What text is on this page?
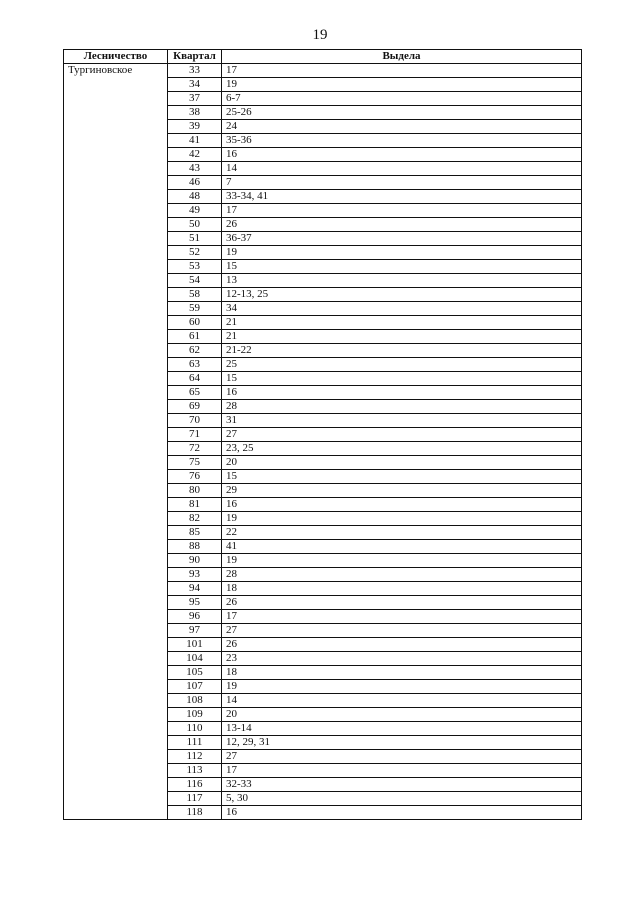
19
Лесничество	Квартал	Выдела
Тургиновское	33	17
	34	19
	37	6-7
	38	25-26
	39	24
	41	35-36
	42	16
	43	14
	46	7
	48	33-34, 41
	49	17
	50	26
	51	36-37
	52	19
	53	15
	54	13
	58	12-13, 25
	59	34
	60	21
	61	21
	62	21-22
	63	25
	64	15
	65	16
	69	28
	70	31
	71	27
	72	23, 25
	75	20
	76	15
	80	29
	81	16
	82	19
	85	22
	88	41
	90	19
	93	28
	94	18
	95	26
	96	17
	97	27
	101	26
	104	23
	105	18
	107	19
	108	14
	109	20
	110	13-14
	111	12, 29, 31
	112	27
	113	17
	116	32-33
	117	5, 30
	118	16
